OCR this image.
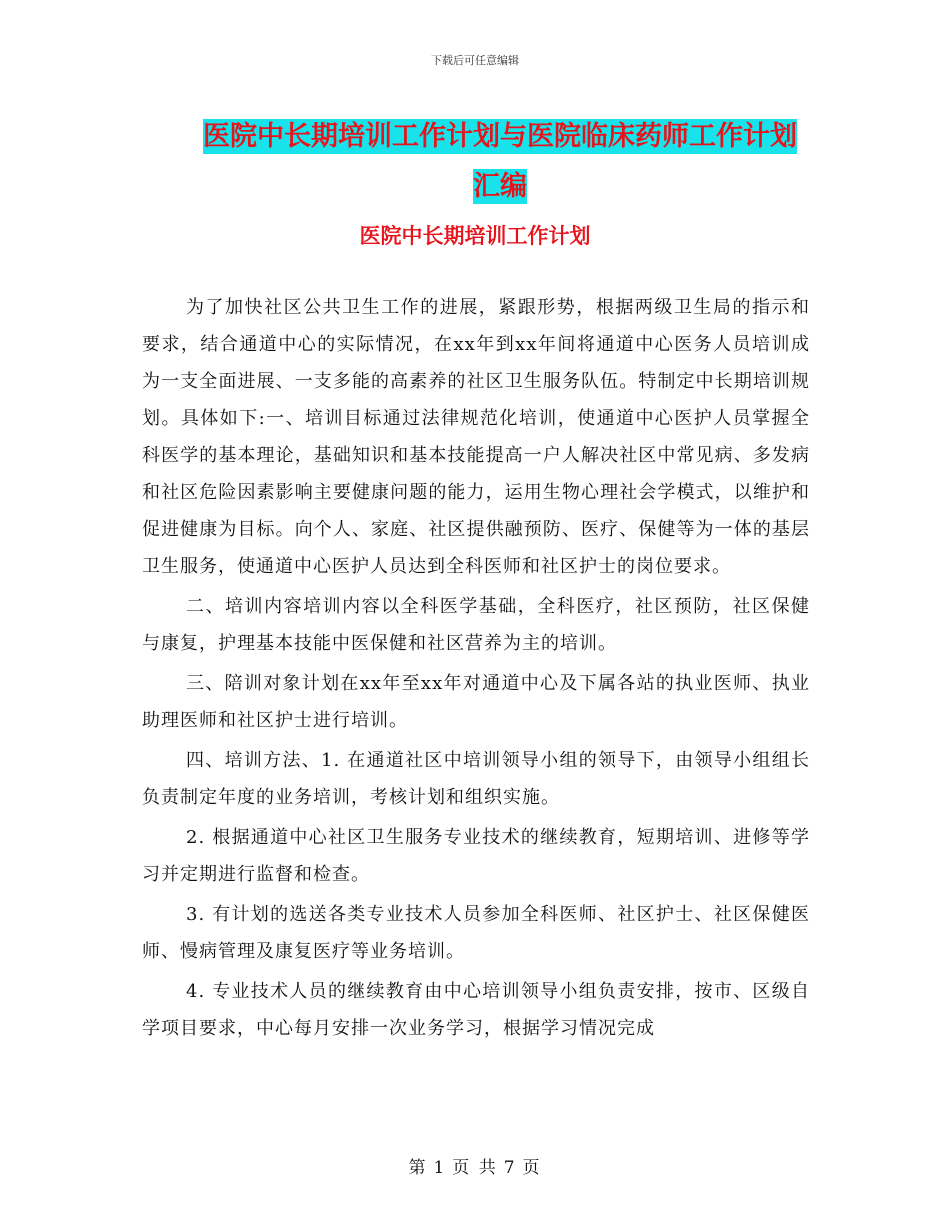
下载后可任意编辑
医院中长期培训工作计划与医院临床药师工作计划汇编
医院中长期培训工作计划

为了加快社区公共卫生工作的进展，紧跟形势，根据两级卫生局的指示和要求，结合通道中心的实际情况，在xx年到xx年间将通道中心医务人员培训成为一支全面进展、一支多能的高素养的社区卫生服务队伍。特制定中长期培训规划。具体如下:一、培训目标通过法律规范化培训，使通道中心医护人员掌握全科医学的基本理论，基础知识和基本技能提高一户人解决社区中常见病、多发病和社区危险因素影响主要健康问题的能力，运用生物心理社会学模式，以维护和促进健康为目标。向个人、家庭、社区提供融预防、医疗、保健等为一体的基层卫生服务，使通道中心医护人员达到全科医师和社区护士的岗位要求。

二、培训内容培训内容以全科医学基础，全科医疗，社区预防，社区保健与康复，护理基本技能中医保健和社区营养为主的培训。

三、陪训对象计划在xx年至xx年对通道中心及下属各站的执业医师、执业助理医师和社区护士进行培训。

四、培训方法、1. 在通道社区中培训领导小组的领导下，由领导小组组长负责制定年度的业务培训，考核计划和组织实施。

2. 根据通道中心社区卫生服务专业技术的继续教育，短期培训、进修等学习并定期进行监督和检查。

3. 有计划的选送各类专业技术人员参加全科医师、社区护士、社区保健医师、慢病管理及康复医疗等业务培训。

4. 专业技术人员的继续教育由中心培训领导小组负责安排，按市、区级自学项目要求，中心每月安排一次业务学习，根据学习情况完成

第 1 页 共 7 页
